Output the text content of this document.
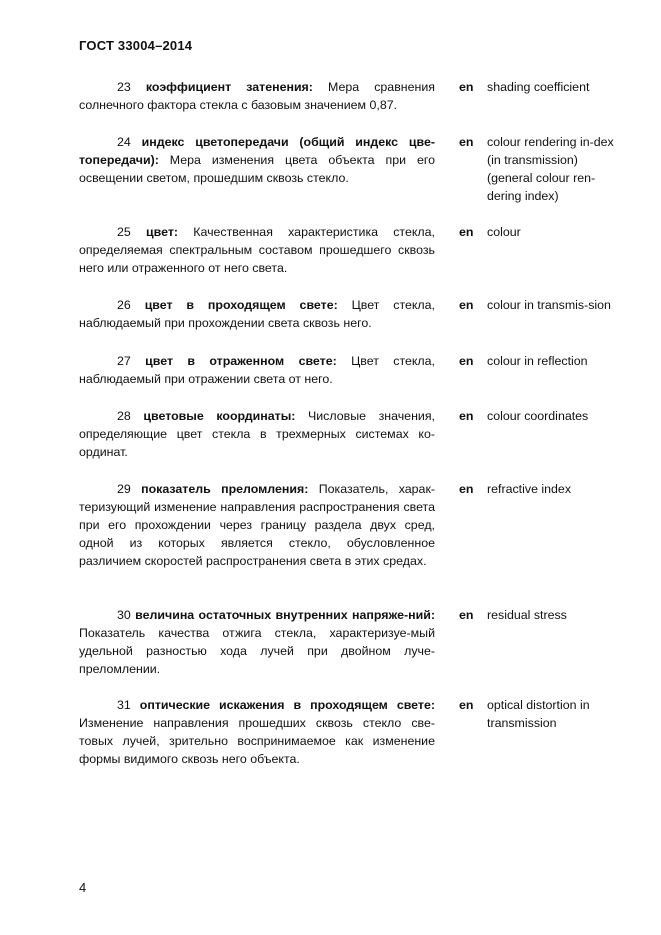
ГОСТ 33004–2014
23 коэффициент затенения: Мера сравнения солнечного фактора стекла с базовым значением 0,87.
en shading coefficient
24 индекс цветопередачи (общий индекс цве-топередачи): Мера изменения цвета объекта при его освещении светом, прошедшим сквозь стекло.
en colour rendering in-dex (in transmission) (general colour ren-dering index)
25 цвет: Качественная характеристика стекла, определяемая спектральным составом прошедшего сквозь него или отраженного от него света.
en colour
26 цвет в проходящем свете: Цвет стекла, наблюдаемый при прохождении света сквозь него.
en colour in transmis-sion
27 цвет в отраженном свете: Цвет стекла, наблюдаемый при отражении света от него.
en colour in reflection
28 цветовые координаты: Числовые значения, определяющие цвет стекла в трехмерных системах ко-ординат.
en colour coordinates
29 показатель преломления: Показатель, харак-теризующий изменение направления распространения света при его прохождении через границу раздела двух сред, одной из которых является стекло, обусловленное различием скоростей распространения света в этих средах.
en refractive index
30 величина остаточных внутренних напряже-ний: Показатель качества отжига стекла, характеризуе-мый удельной разностью хода лучей при двойном луче-преломлении.
en residual stress
31 оптические искажения в проходящем свете: Изменение направления прошедших сквозь стекло све-товых лучей, зрительно воспринимаемое как изменение формы видимого сквозь него объекта.
en optical distortion in transmission
4
